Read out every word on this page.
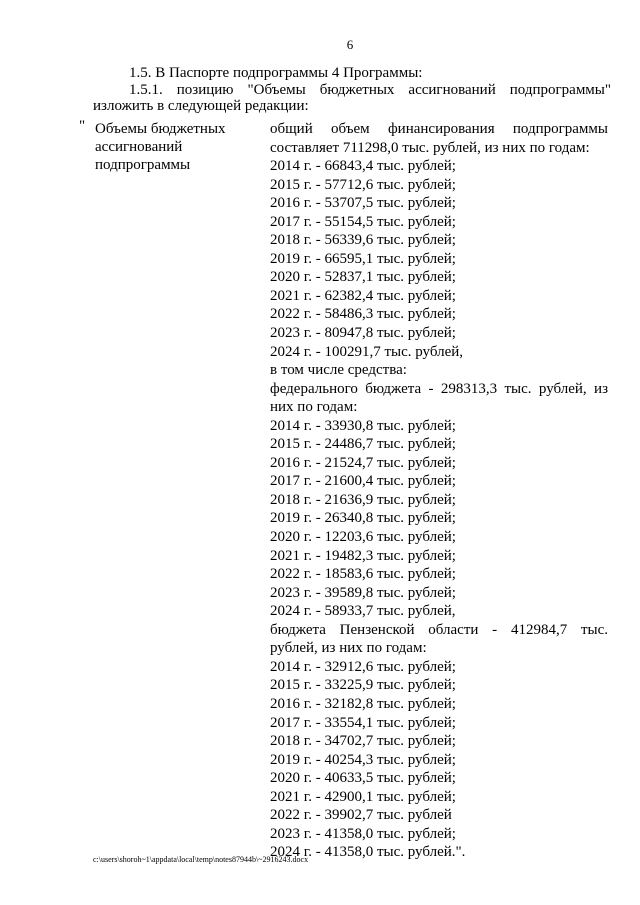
6
1.5. В Паспорте подпрограммы 4 Программы:
1.5.1. позицию "Объемы бюджетных ассигнований подпрограммы"
изложить в следующей редакции:
" Объемы бюджетных
ассигнований
подпрограммы
общий объем финансирования подпрограммы
составляет 711298,0 тыс. рублей, из них по годам:
2014 г. - 66843,4 тыс. рублей;
2015 г. - 57712,6 тыс. рублей;
2016 г. - 53707,5 тыс. рублей;
2017 г. - 55154,5 тыс. рублей;
2018 г. - 56339,6 тыс. рублей;
2019 г. - 66595,1 тыс. рублей;
2020 г. - 52837,1 тыс. рублей;
2021 г. - 62382,4 тыс. рублей;
2022 г. - 58486,3 тыс. рублей;
2023 г. - 80947,8 тыс. рублей;
2024 г. - 100291,7 тыс. рублей,
в том числе средства:
федерального бюджета - 298313,3 тыс. рублей, из
них по годам:
2014 г. - 33930,8 тыс. рублей;
2015 г. - 24486,7 тыс. рублей;
2016 г. - 21524,7 тыс. рублей;
2017 г. - 21600,4 тыс. рублей;
2018 г. - 21636,9 тыс. рублей;
2019 г. - 26340,8 тыс. рублей;
2020 г. - 12203,6 тыс. рублей;
2021 г. - 19482,3 тыс. рублей;
2022 г. - 18583,6 тыс. рублей;
2023 г. - 39589,8 тыс. рублей;
2024 г. - 58933,7 тыс. рублей,
бюджета Пензенской области - 412984,7 тыс.
рублей, из них по годам:
2014 г. - 32912,6 тыс. рублей;
2015 г. - 33225,9 тыс. рублей;
2016 г. - 32182,8 тыс. рублей;
2017 г. - 33554,1 тыс. рублей;
2018 г. - 34702,7 тыс. рублей;
2019 г. - 40254,3 тыс. рублей;
2020 г. - 40633,5 тыс. рублей;
2021 г. - 42900,1 тыс. рублей;
2022 г. - 39902,7 тыс. рублей
2023 г. - 41358,0 тыс. рублей;
2024 г. - 41358,0 тыс. рублей.".
c:\users\shoroh~1\appdata\local\temp\notes87944b\~2916243.docx
